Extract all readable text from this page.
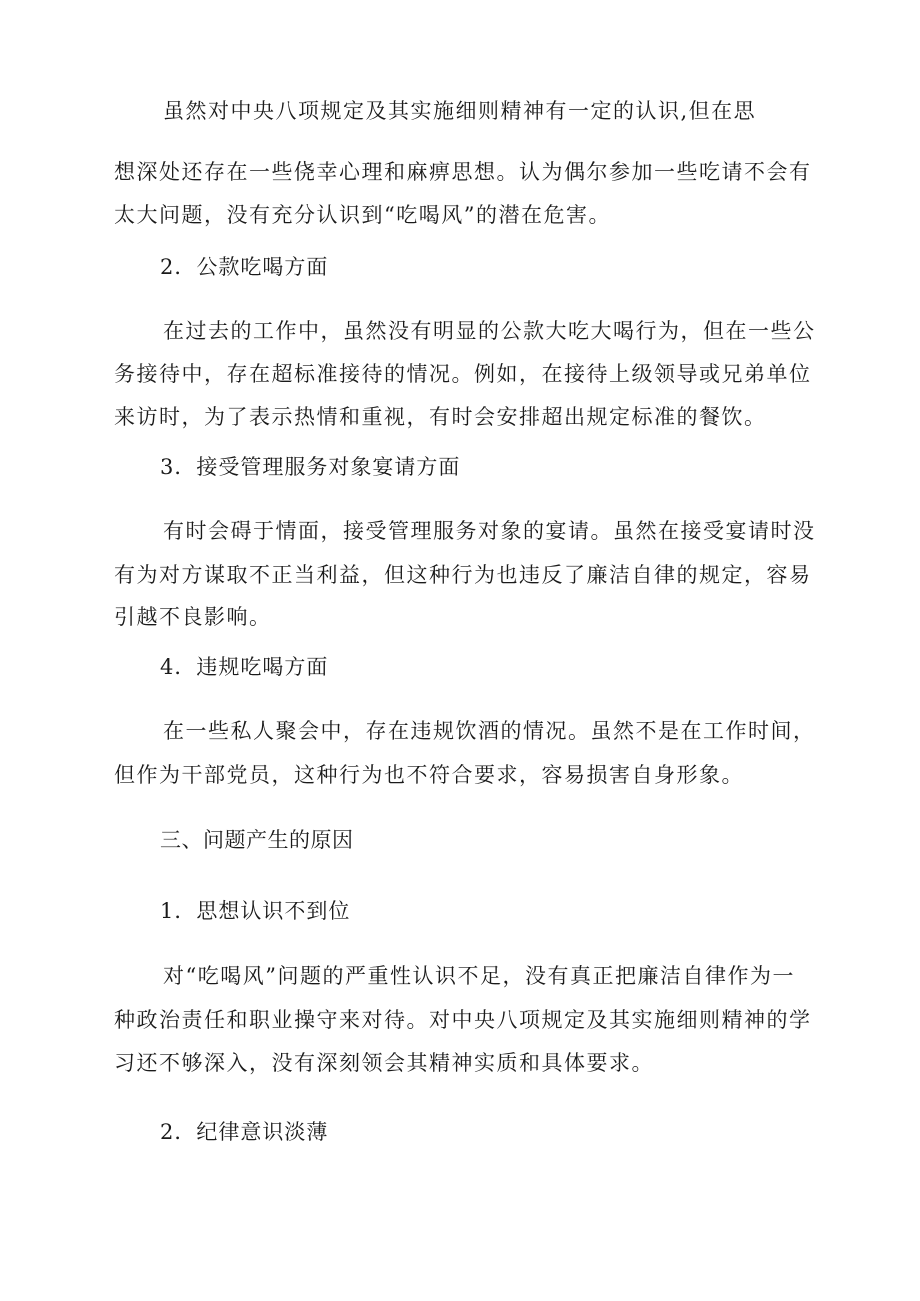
虽然对中央八项规定及其实施细则精神有一定的认识,但在思
想深处还存在一些侥幸心理和麻痹思想。认为偶尔参加一些吃请不会有
太大问题，没有充分认识到“吃喝风”的潜在危害。
2．公款吃喝方面
在过去的工作中，虽然没有明显的公款大吃大喝行为，但在一些公
务接待中，存在超标准接待的情况。例如，在接待上级领导或兄弟单位
来访时，为了表示热情和重视，有时会安排超出规定标准的餐饮。
3．接受管理服务对象宴请方面
有时会碍于情面，接受管理服务对象的宴请。虽然在接受宴请时没
有为对方谋取不正当利益，但这种行为也违反了廉洁自律的规定，容易
引越不良影响。
4．违规吃喝方面
在一些私人聚会中，存在违规饮酒的情况。虽然不是在工作时间，
但作为干部党员，这种行为也不符合要求，容易损害自身形象。
三、问题产生的原因
1．思想认识不到位
对“吃喝风”问题的严重性认识不足，没有真正把廉洁自律作为一
种政治责任和职业操守来对待。对中央八项规定及其实施细则精神的学
习还不够深入，没有深刻领会其精神实质和具体要求。
2．纪律意识淡薄
